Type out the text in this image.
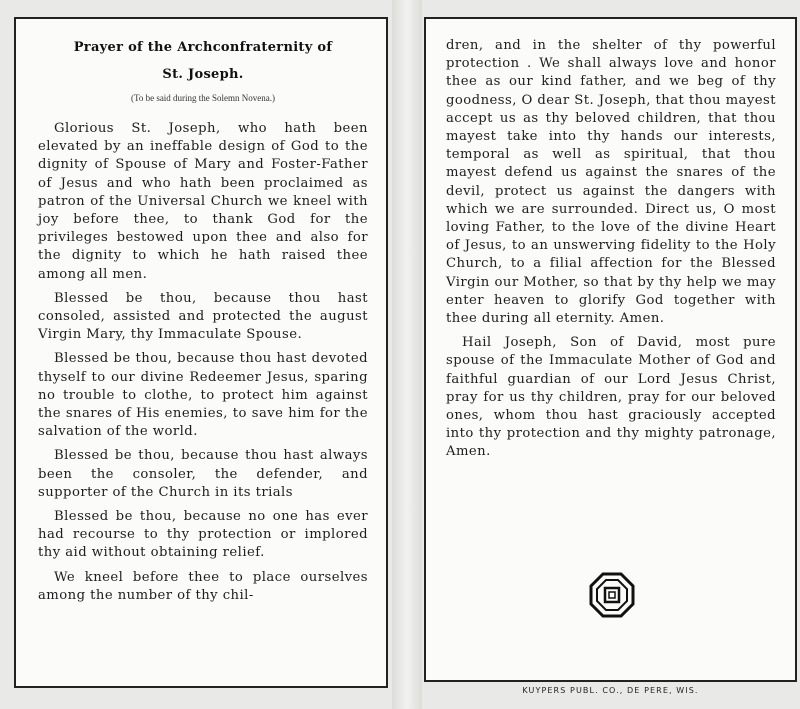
Prayer of the Archconfraternity of
St. Joseph.
(To be said during the Solemn Novena.)

Glorious St. Joseph, who hath been elevated by an ineffable design of God to the dignity of Spouse of Mary and Foster-Father of Jesus and who hath been proclaimed as patron of the Universal Church we kneel with joy before thee, to thank God for the privileges bestowed upon thee and also for the dignity to which he hath raised thee among all men.

Blessed be thou, because thou hast consoled, assisted and protected the august Virgin Mary, thy Immaculate Spouse.

Blessed be thou, because thou hast devoted thyself to our divine Redeemer Jesus, sparing no trouble to clothe, to protect him against the snares of His enemies, to save him for the salvation of the world.

Blessed be thou, because thou hast always been the consoler, the defender, and supporter of the Church in its trials

Blessed be thou, because no one has ever had recourse to thy protection or implored thy aid without obtaining relief.

We kneel before thee to place ourselves among the number of thy chil-

dren, and in the shelter of thy powerful protection . We shall always love and honor thee as our kind father, and we beg of thy goodness, O dear St. Joseph, that thou mayest accept us as thy beloved children, that thou mayest take into thy hands our interests, temporal as well as spiritual, that thou mayest defend us against the snares of the devil, protect us against the dangers with which we are surrounded. Direct us, O most loving Father, to the love of the divine Heart of Jesus, to an unswerving fidelity to the Holy Church, to a filial affection for the Blessed Virgin our Mother, so that by thy help we may enter heaven to glorify God together with thee during all eternity. Amen.

Hail Joseph, Son of David, most pure spouse of the Immaculate Mother of God and faithful guardian of our Lord Jesus Christ, pray for us thy children, pray for our beloved ones, whom thou hast graciously accepted into thy protection and thy mighty patronage, Amen.

KUYPERS PUBL. CO., DE PERE, WIS.
